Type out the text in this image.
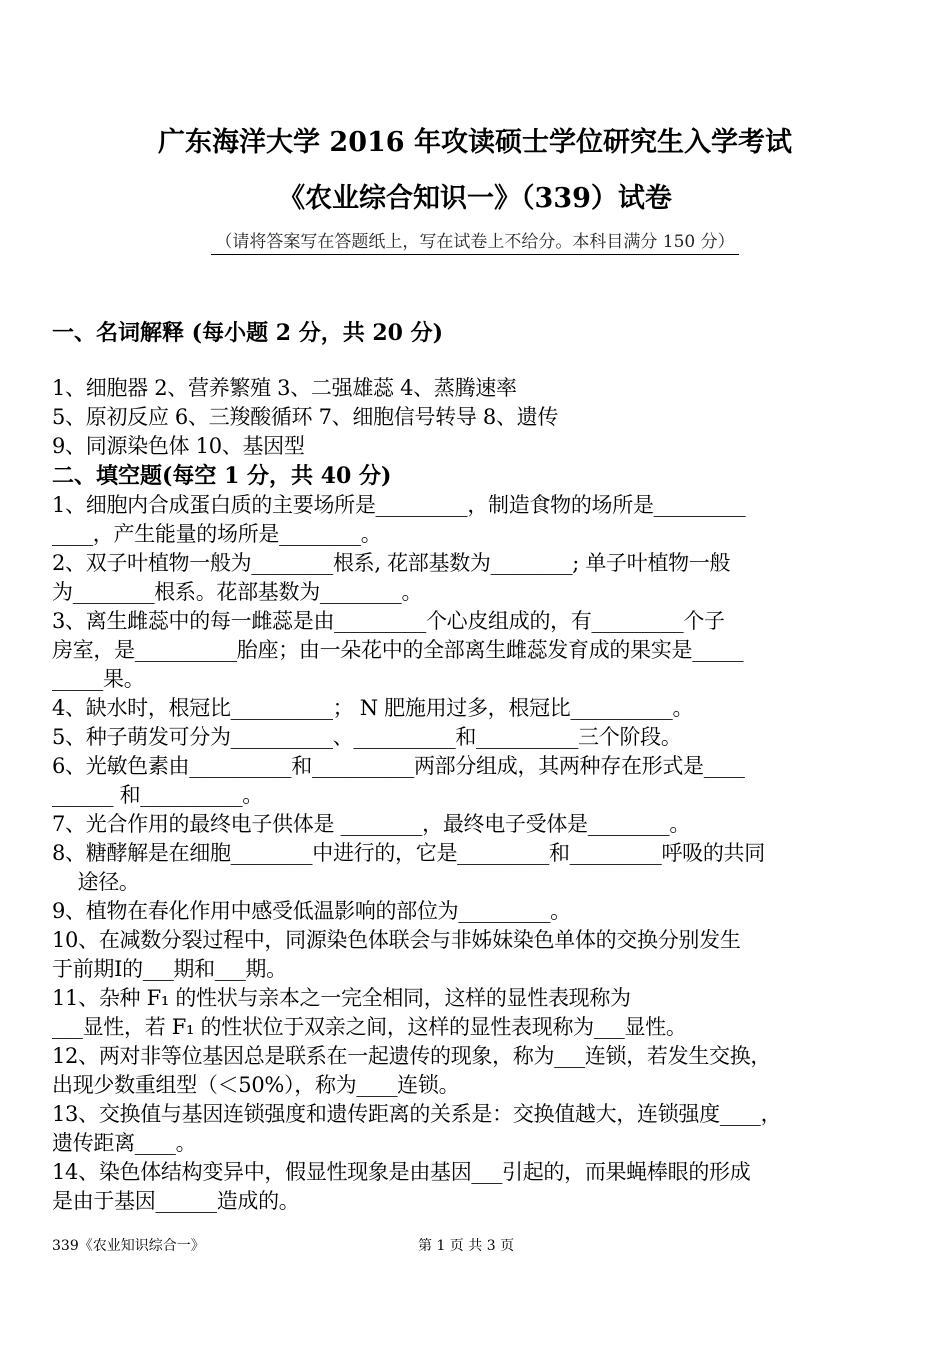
广东海洋大学 2016 年攻读硕士学位研究生入学考试
《农业综合知识一》（339）试卷
（请将答案写在答题纸上，写在试卷上不给分。本科目满分 150 分）
一、名词解释 (每小题 2 分，共 20 分)
1、细胞器 2、营养繁殖 3、二强雄蕊 4、蒸腾速率
5、原初反应 6、三羧酸循环 7、细胞信号转导 8、遗传
9、同源染色体 10、基因型
二、填空题(每空 1 分，共 40 分)
1、细胞内合成蛋白质的主要场所是_________，制造食物的场所是_________
____，产生能量的场所是________。
2、双子叶植物一般为________根系, 花部基数为________; 单子叶植物一般
为________根系。花部基数为________。
3、离生雌蕊中的每一雌蕊是由_________个心皮组成的，有_________个子
房室，是__________胎座；由一朵花中的全部离生雌蕊发育成的果实是_____
_____果。
4、缺水时，根冠比__________； N 肥施用过多，根冠比__________。
5、种子萌发可分为__________、__________和__________三个阶段。
6、光敏色素由__________和__________两部分组成，其两种存在形式是____
______ 和__________。
7、光合作用的最终电子供体是 ________，最终电子受体是________。
8、糖酵解是在细胞________中进行的，它是_________和_________呼吸的共同
途径。
9、植物在春化作用中感受低温影响的部位为_________。
10、在减数分裂过程中，同源染色体联会与非姊妹染色单体的交换分别发生
于前期Ⅰ的___期和___期。
11、杂种 F₁ 的性状与亲本之一完全相同，这样的显性表现称为
___显性，若 F₁ 的性状位于双亲之间，这样的显性表现称为___显性。
12、两对非等位基因总是联系在一起遗传的现象，称为___连锁，若发生交换，
出现少数重组型（＜50%），称为____连锁。
13、交换值与基因连锁强度和遗传距离的关系是：交换值越大，连锁强度____，
遗传距离____。
14、染色体结构变异中，假显性现象是由基因___引起的，而果蝇棒眼的形成
是由于基因______造成的。
339《农业知识综合一》	第 1 页 共 3 页
